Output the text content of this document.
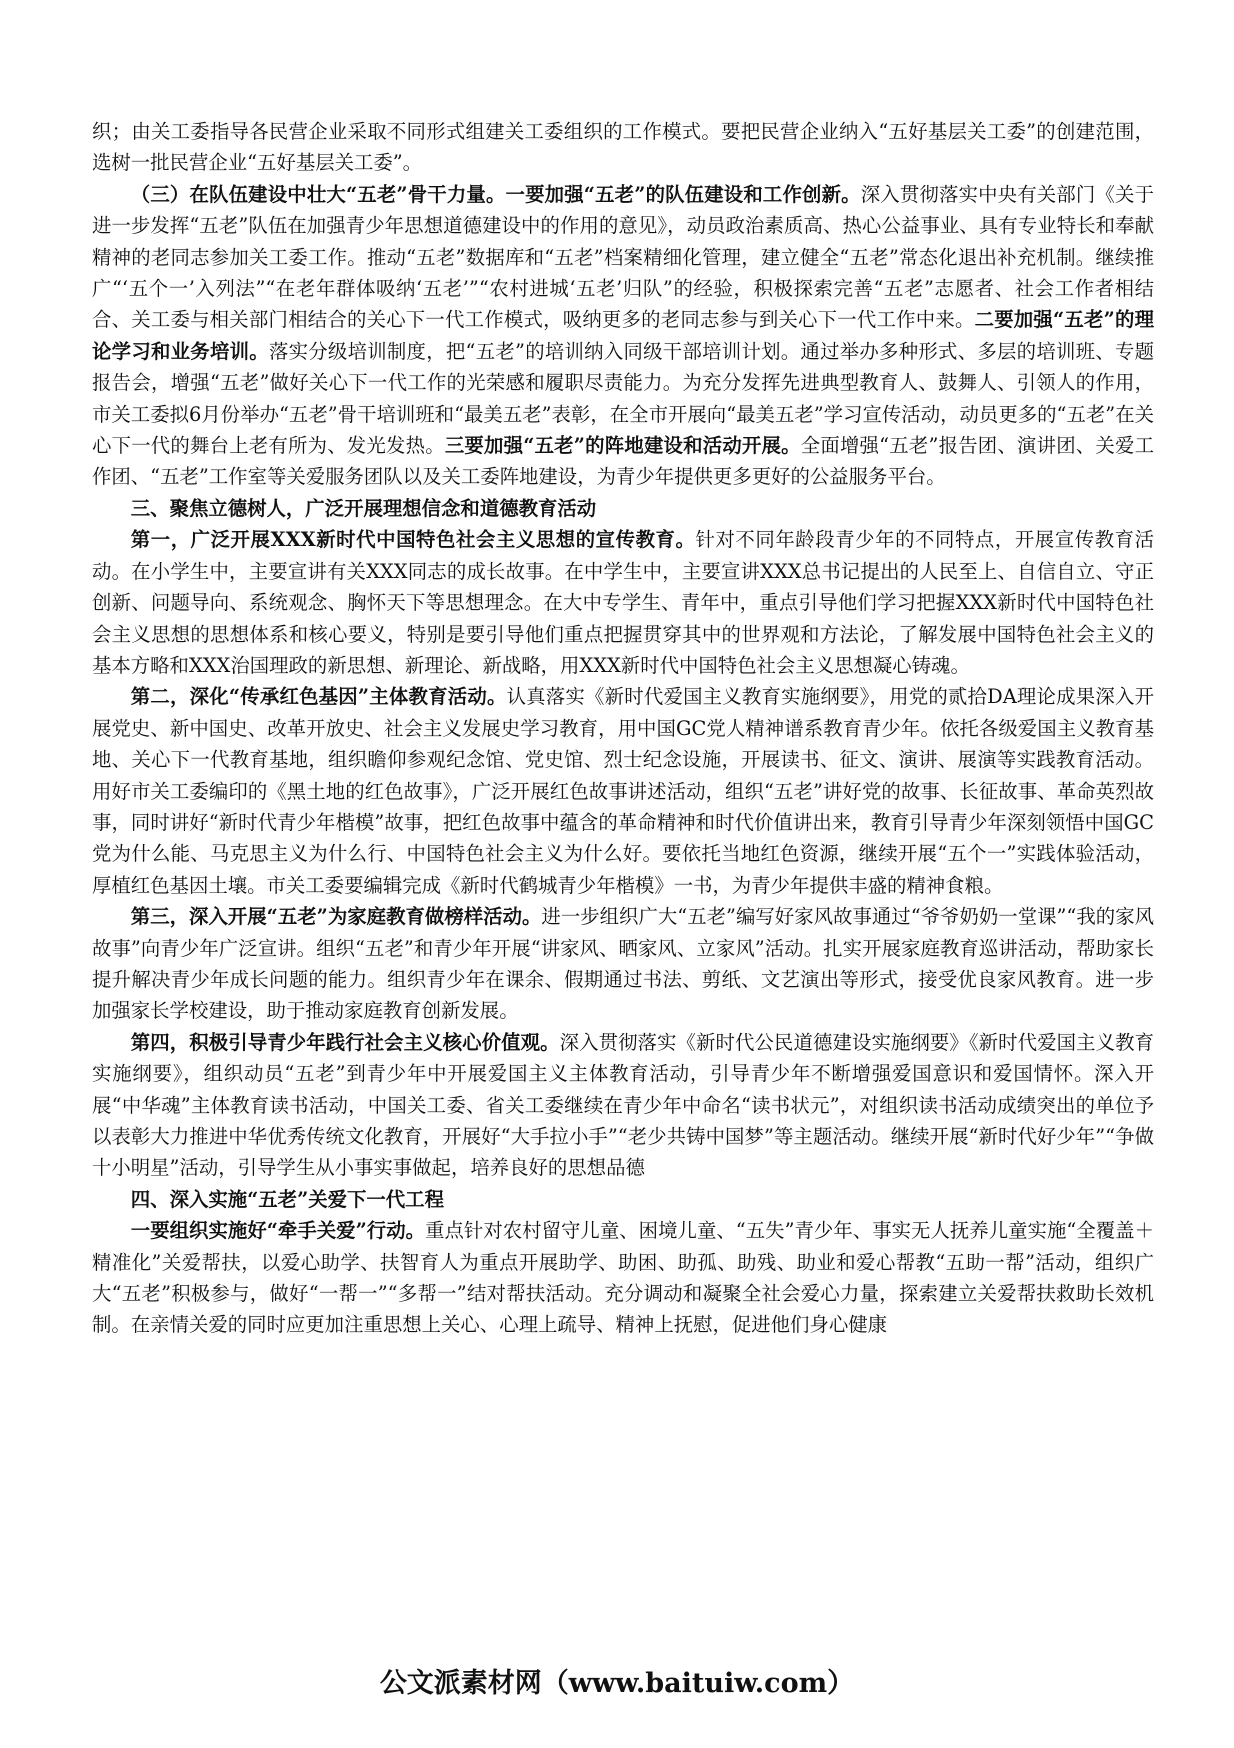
织；由关工委指导各民营企业采取不同形式组建关工委组织的工作模式。要把民营企业纳入“五好基层关工委”的创建范围，选树一批民营企业“五好基层关工委”。

（三）在队伍建设中壮大“五老”骨干力量。一要加强“五老”的队伍建设和工作创新。深入贯彻落实中央有关部门《关于进一步发挥“五老”队伍在加强青少年思想道德建设中的作用的意见》，动员政治素质高、热心公益事业、具有专业特长和奉献精神的老同志参加关工委工作。推动“五老”数据库和“五老”档案精细化管理，建立健全“五老”常态化退出补充机制。继续推广“‘五个一’入列法”“在老年群体吸纳‘五老’”“农村进城‘五老’归队”的经验，积极探索完善“五老”志愿者、社会工作者相结合、关工委与相关部门相结合的关心下一代工作模式，吸纳更多的老同志参与到关心下一代工作中来。二要加强“五老”的理论学习和业务培训。落实分级培训制度，把“五老”的培训纳入同级干部培训计划。通过举办多种形式、多层的培训班、专题报告会，增强“五老”做好关心下一代工作的光荣感和履职尽责能力。为充分发挥先进典型教育人、鼓舞人、引领人的作用，市关工委拟6月份举办“五老”骨干培训班和“最美五老”表彰，在全市开展向“最美五老”学习宣传活动，动员更多的“五老”在关心下一代的舞台上老有所为、发光发热。三要加强“五老”的阵地建设和活动开展。全面增强“五老”报告团、演讲团、关爱工作团、“五老”工作室等关爱服务团队以及关工委阵地建设，为青少年提供更多更好的公益服务平台。

三、聚焦立德树人，广泛开展理想信念和道德教育活动

第一，广泛开展XXX新时代中国特色社会主义思想的宣传教育。针对不同年龄段青少年的不同特点，开展宣传教育活动。在小学生中，主要宣讲有关XXX同志的成长故事。在中学生中，主要宣讲XXX总书记提出的人民至上、自信自立、守正创新、问题导向、系统观念、胸怀天下等思想理念。在大中专学生、青年中，重点引导他们学习把握XXX新时代中国特色社会主义思想的思想体系和核心要义，特别是要引导他们重点把握贯穿其中的世界观和方法论，了解发展中国特色社会主义的基本方略和XXX治国理政的新思想、新理论、新战略，用XXX新时代中国特色社会主义思想凝心铸魂。

第二，深化“传承红色基因”主体教育活动。认真落实《新时代爱国主义教育实施纲要》，用党的贰拾DA理论成果深入开展党史、新中国史、改革开放史、社会主义发展史学习教育，用中国GC党人精神谱系教育青少年。依托各级爱国主义教育基地、关心下一代教育基地，组织瞻仰参观纪念馆、党史馆、烈士纪念设施，开展读书、征文、演讲、展演等实践教育活动。用好市关工委编印的《黑土地的红色故事》，广泛开展红色故事讲述活动，组织“五老”讲好党的故事、长征故事、革命英烈故事，同时讲好“新时代青少年楷模”故事，把红色故事中蕴含的革命精神和时代价值讲出来，教育引导青少年深刻领悟中国GC党为什么能、马克思主义为什么行、中国特色社会主义为什么好。要依托当地红色资源，继续开展“五个一”实践体验活动，厚植红色基因土壤。市关工委要编辑完成《新时代鹤城青少年楷模》一书，为青少年提供丰盛的精神食粮。

第三，深入开展“五老”为家庭教育做榜样活动。进一步组织广大“五老”编写好家风故事通过“爷爷奶奶一堂课”“我的家风故事”向青少年广泛宣讲。组织“五老”和青少年开展“讲家风、晒家风、立家风”活动。扎实开展家庭教育巡讲活动，帮助家长提升解决青少年成长问题的能力。组织青少年在课余、假期通过书法、剪纸、文艺演出等形式，接受优良家风教育。进一步加强家长学校建设，助于推动家庭教育创新发展。

第四，积极引导青少年践行社会主义核心价值观。深入贯彻落实《新时代公民道德建设实施纲要》《新时代爱国主义教育实施纲要》，组织动员“五老”到青少年中开展爱国主义主体教育活动，引导青少年不断增强爱国意识和爱国情怀。深入开展“中华魂”主体教育读书活动，中国关工委、省关工委继续在青少年中命名“读书状元”，对组织读书活动成绩突出的单位予以表彰大力推进中华优秀传统文化教育，开展好“大手拉小手”“老少共铸中国梦”等主题活动。继续开展“新时代好少年”“争做十小明星”活动，引导学生从小事实事做起，培养良好的思想品德

四、深入实施“五老”关爱下一代工程

一要组织实施好“牵手关爱”行动。重点针对农村留守儿童、困境儿童、“五失”青少年、事实无人抚养儿童实施“全覆盖＋精准化”关爱帮扶，以爱心助学、扶智育人为重点开展助学、助困、助孤、助残、助业和爱心帮教“五助一帮”活动，组织广大“五老”积极参与，做好“一帮一”“多帮一”结对帮扶活动。充分调动和凝聚全社会爱心力量，探索建立关爱帮扶救助长效机制。在亲情关爱的同时应更加注重思想上关心、心理上疏导、精神上抚慰，促进他们身心健康

公文派素材网（www.baituiw.com）
